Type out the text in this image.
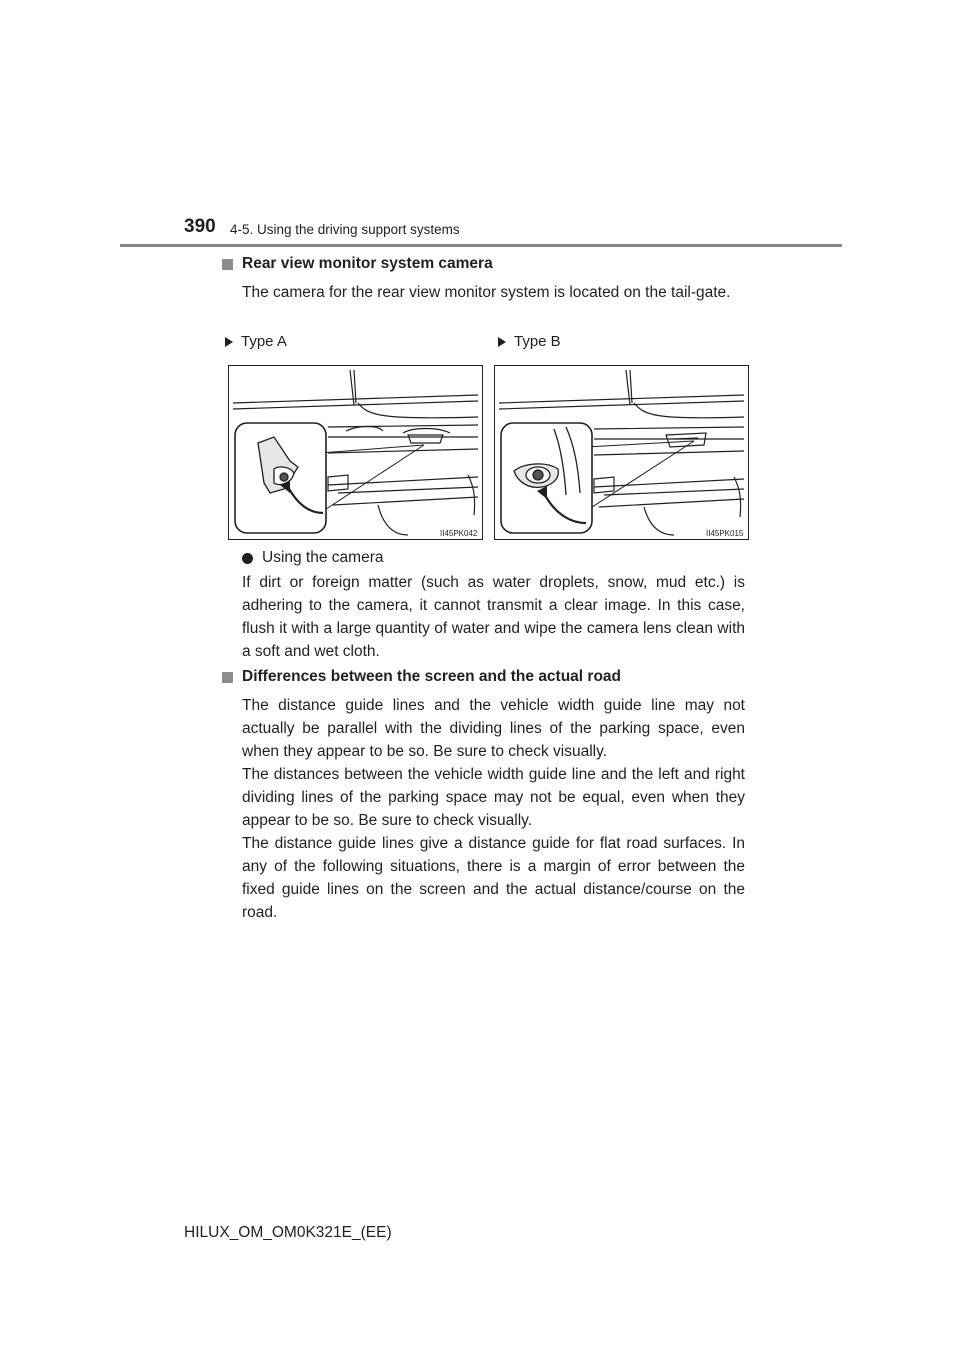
390 4-5. Using the driving support systems
Rear view monitor system camera

The camera for the rear view monitor system is located on the tail-gate.

Type A	Type B
II45PK042	II45PK015
Using the camera

If dirt or foreign matter (such as water droplets, snow, mud etc.) is adhering to the camera, it cannot transmit a clear image. In this case, flush it with a large quantity of water and wipe the camera lens clean with a soft and wet cloth.

Differences between the screen and the actual road

The distance guide lines and the vehicle width guide line may not actually be parallel with the dividing lines of the parking space, even when they appear to be so. Be sure to check visually.

The distances between the vehicle width guide line and the left and right dividing lines of the parking space may not be equal, even when they appear to be so. Be sure to check visually.

The distance guide lines give a distance guide for flat road surfaces. In any of the following situations, there is a margin of error between the fixed guide lines on the screen and the actual distance/course on the road.

HILUX_OM_OM0K321E_(EE)
